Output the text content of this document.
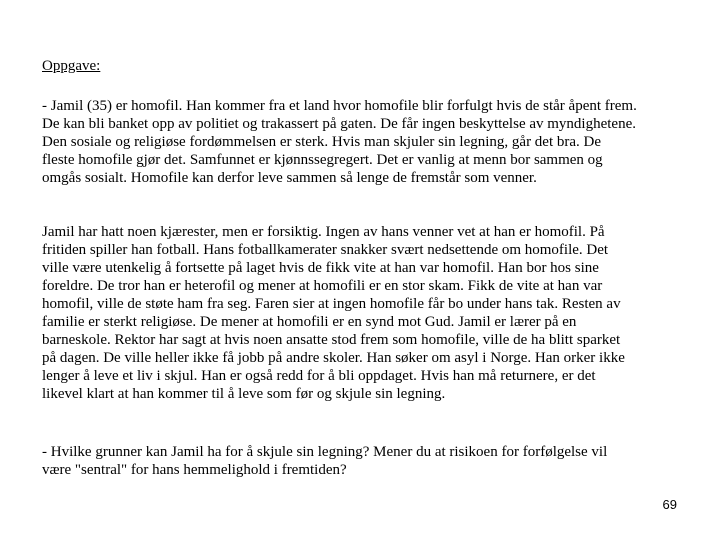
Oppgave:
- Jamil (35) er homofil. Han kommer fra et land hvor homofile blir forfulgt hvis de står åpent frem.
De kan bli banket opp av politiet og trakassert på gaten. De får ingen beskyttelse av myndighetene.
Den sosiale og religiøse fordømmelsen er sterk. Hvis man skjuler sin legning, går det bra. De
fleste homofile gjør det. Samfunnet er kjønnssegregert. Det er vanlig at menn bor sammen og
omgås sosialt. Homofile kan derfor leve sammen så lenge de fremstår som venner.
Jamil har hatt noen kjærester, men er forsiktig. Ingen av hans venner vet at han er homofil. På
fritiden spiller han fotball. Hans fotballkamerater snakker svært nedsettende om homofile. Det
ville være utenkelig å fortsette på laget hvis de fikk vite at han var homofil. Han bor hos sine
foreldre. De tror han er heterofil og mener at homofili er en stor skam. Fikk de vite at han var
homofil, ville de støte ham fra seg. Faren sier at ingen homofile får bo under hans tak. Resten av
familie er sterkt religiøse. De mener at homofili er en synd mot Gud. Jamil er lærer på en
barneskole. Rektor har sagt at hvis noen ansatte stod frem som homofile, ville de ha blitt sparket
på dagen. De ville heller ikke få jobb på andre skoler. Han søker om asyl i Norge. Han orker ikke
lenger å leve et liv i skjul. Han er også redd for å bli oppdaget. Hvis han må returnere, er det
likevel klart at han kommer til å leve som før og skjule sin legning.
- Hvilke grunner kan Jamil ha for å skjule sin legning? Mener du at risikoen for forfølgelse vil
være "sentral" for hans hemmelighold i fremtiden?
69
